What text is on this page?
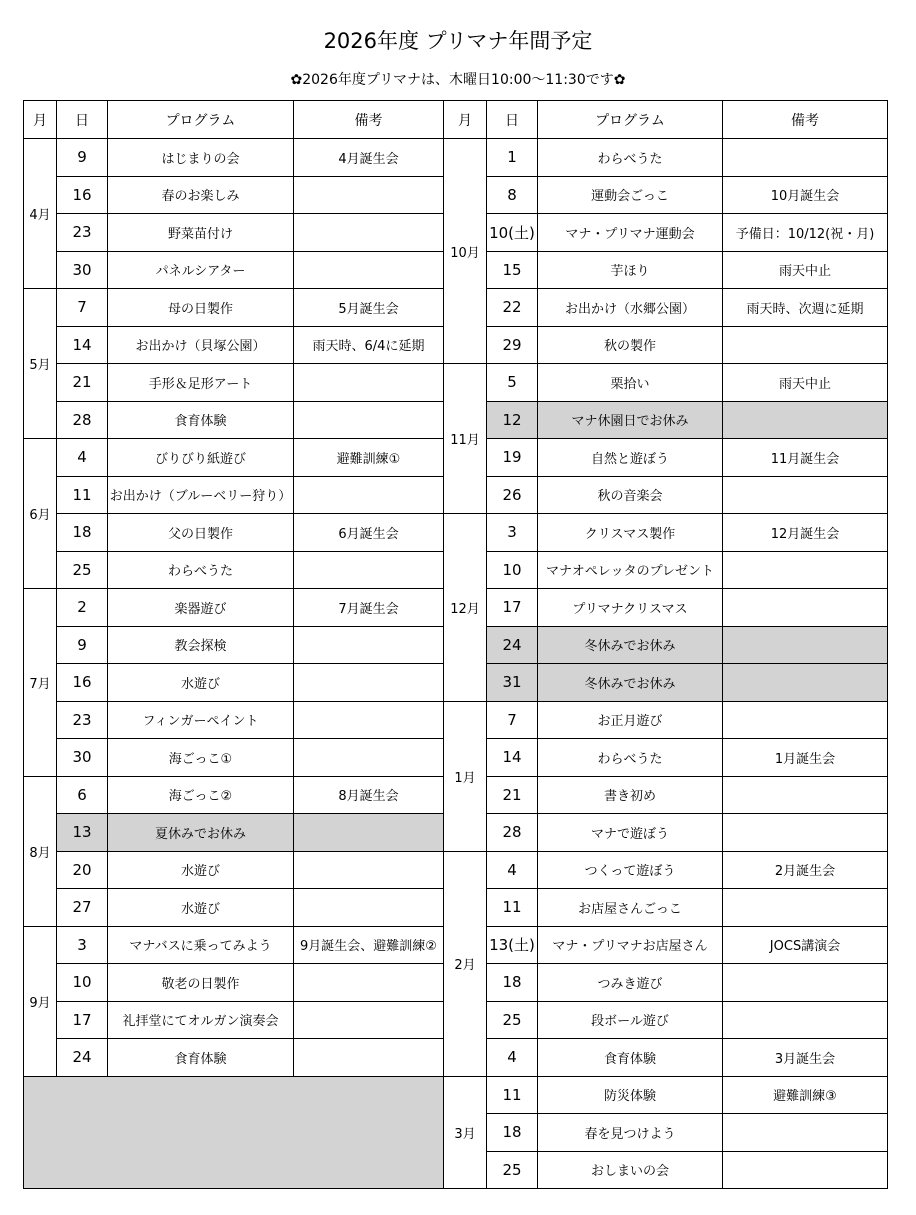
2026年度 プリマナ年間予定
✿2026年度プリマナは、木曜日10:00～11:30です✿
月	日	プログラム	備考	月	日	プログラム	備考
4月	9	はじまりの会	4月誕生会	10月	1	わらべうた	
	16	春のお楽しみ			8	運動会ごっこ	10月誕生会
	23	野菜苗付け			10(土)	マナ・プリマナ運動会	予備日：10/12(祝・月)
	30	パネルシアター			15	芋ほり	雨天中止
5月	7	母の日製作	5月誕生会		22	お出かけ（水郷公園）	雨天時、次週に延期
	14	お出かけ（貝塚公園）	雨天時、6/4に延期		29	秋の製作	
	21	手形＆足形アート		11月	5	栗拾い	雨天中止
	28	食育体験			12	マナ休園日でお休み	
6月	4	びりびり紙遊び	避難訓練①		19	自然と遊ぼう	11月誕生会
	11	お出かけ（ブルーベリー狩り）			26	秋の音楽会	
	18	父の日製作	6月誕生会	12月	3	クリスマス製作	12月誕生会
	25	わらべうた			10	マナオペレッタのプレゼント	
7月	2	楽器遊び	7月誕生会		17	プリマナクリスマス	
	9	教会探検			24	冬休みでお休み	
	16	水遊び			31	冬休みでお休み	
	23	フィンガーペイント		1月	7	お正月遊び	
	30	海ごっこ①			14	わらべうた	1月誕生会
8月	6	海ごっこ②	8月誕生会		21	書き初め	
	13	夏休みでお休み			28	マナで遊ぼう	
	20	水遊び		2月	4	つくって遊ぼう	2月誕生会
	27	水遊び			11	お店屋さんごっこ	
9月	3	マナバスに乗ってみよう	9月誕生会、避難訓練②		13(土)	マナ・プリマナお店屋さん	JOCS講演会
	10	敬老の日製作			18	つみき遊び	
	17	礼拝堂にてオルガン演奏会			25	段ボール遊び	
	24	食育体験			4	食育体験	3月誕生会
				3月	11	防災体験	避難訓練③
					18	春を見つけよう	
					25	おしまいの会	
